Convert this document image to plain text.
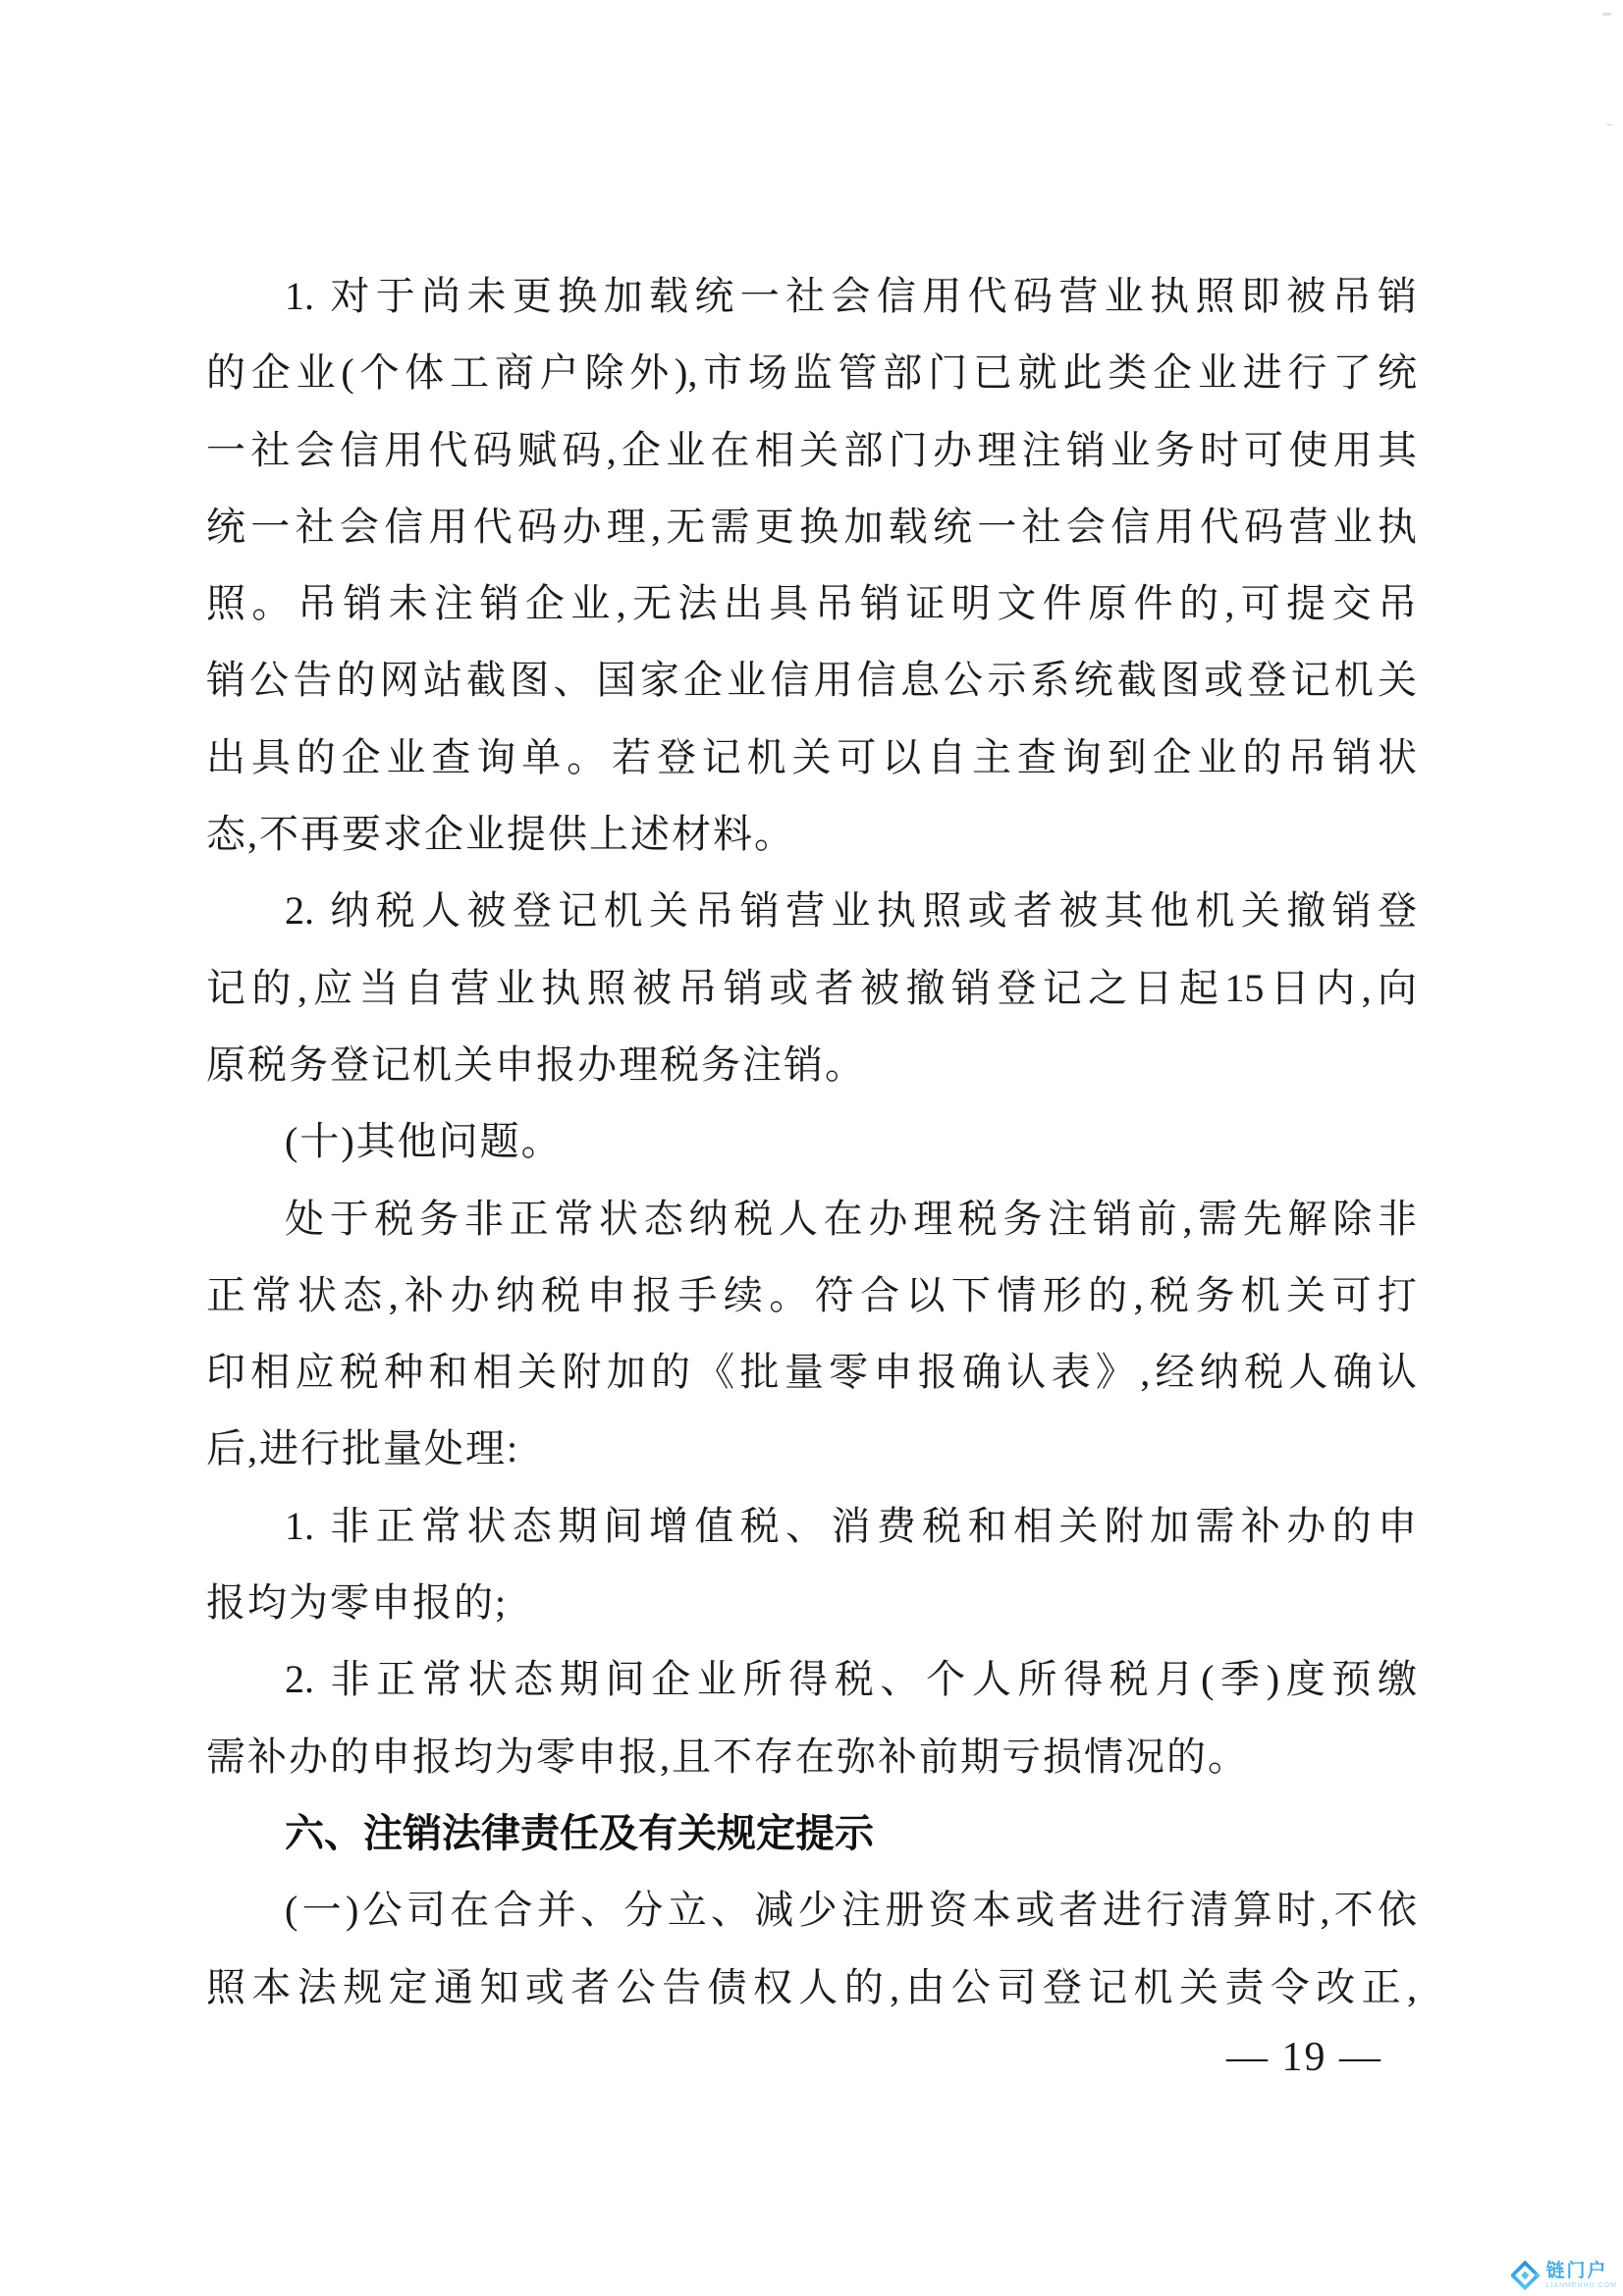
1. 对于尚未更换加载统一社会信用代码营业执照即被吊销
的企业(个体工商户除外),市场监管部门已就此类企业进行了统
一社会信用代码赋码,企业在相关部门办理注销业务时可使用其
统一社会信用代码办理,无需更换加载统一社会信用代码营业执
照。吊销未注销企业,无法出具吊销证明文件原件的,可提交吊
销公告的网站截图、国家企业信用信息公示系统截图或登记机关
出具的企业查询单。若登记机关可以自主查询到企业的吊销状
态,不再要求企业提供上述材料。
2. 纳税人被登记机关吊销营业执照或者被其他机关撤销登
记的,应当自营业执照被吊销或者被撤销登记之日起15日内,向
原税务登记机关申报办理税务注销。
(十)其他问题。
处于税务非正常状态纳税人在办理税务注销前,需先解除非
正常状态,补办纳税申报手续。符合以下情形的,税务机关可打
印相应税种和相关附加的《批量零申报确认表》,经纳税人确认
后,进行批量处理:
1. 非正常状态期间增值税、消费税和相关附加需补办的申
报均为零申报的;
2. 非正常状态期间企业所得税、个人所得税月(季)度预缴
需补办的申报均为零申报,且不存在弥补前期亏损情况的。
六、注销法律责任及有关规定提示
(一)公司在合并、分立、减少注册资本或者进行清算时,不依
照本法规定通知或者公告债权人的,由公司登记机关责令改正,
— 19 —
链门户
LIANMENHU.COM
